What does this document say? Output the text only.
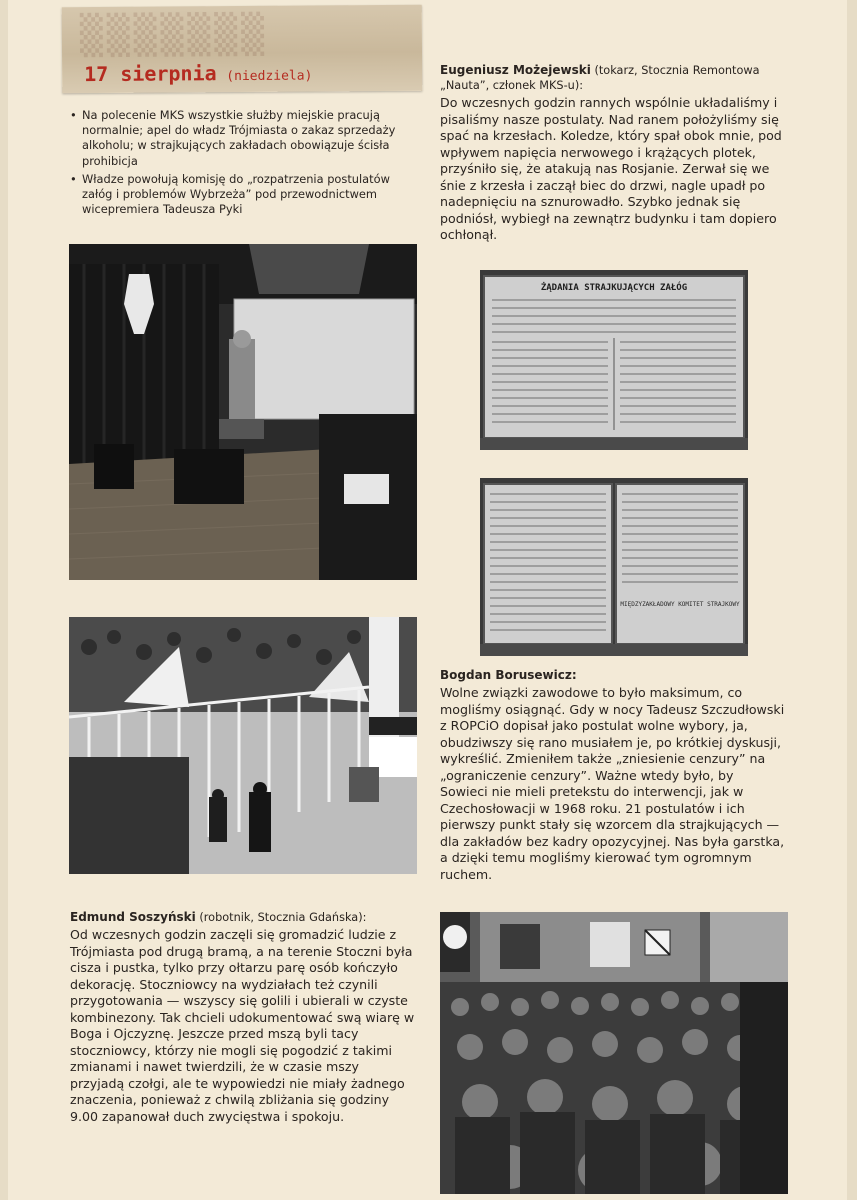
▒▒▒▒▒▒▒
17 sierpnia (niedziela)
• Na polecenie MKS wszystkie służby miejskie pracują normalnie; apel do władz Trójmiasta o zakaz sprzedaży alkoholu; w strajkujących zakładach obowiązuje ścisła prohibicja
• Władze powołują komisję do „rozpatrzenia postulatów załóg i problemów Wybrzeża” pod przewodnictwem wicepremiera Tadeusza Pyki
Eugeniusz Możejewski (tokarz, Stocznia Remontowa „Nauta”, członek MKS-u):
Do wczesnych godzin rannych wspólnie układaliśmy i pisaliśmy nasze postulaty. Nad ranem położyliśmy się spać na krzesłach. Koledze, który spał obok mnie, pod wpływem napięcia nerwowego i krążących plotek, przyśniło się, że atakują nas Rosjanie. Zerwał się we śnie z krzesła i zaczął biec do drzwi, nagle upadł po nadepnięciu na sznurowadło. Szybko jednak się podniósł, wybiegł na zewnątrz budynku i tam dopiero ochłonął.
Bogdan Borusewicz:
Wolne związki zawodowe to było maksimum, co mogliśmy osiągnąć. Gdy w nocy Tadeusz Szczudłowski z ROPCiO dopisał jako postulat wolne wybory, ja, obudziwszy się rano musiałem je, po krótkiej dyskusji, wykreślić. Zmieniłem także „zniesienie cenzury” na „ograniczenie cenzury”. Ważne wtedy było, by Sowieci nie mieli pretekstu do interwencji, jak w Czechosłowacji w 1968 roku. 21 postulatów i ich pierwszy punkt stały się wzorcem dla strajkujących — dla zakładów bez kadry opozycyjnej. Nas była garstka, a dzięki temu mogliśmy kierować tym ogromnym ruchem.
Edmund Soszyński (robotnik, Stocznia Gdańska):
Od wczesnych godzin zaczęli się gromadzić ludzie z Trójmiasta pod drugą bramą, a na terenie Stoczni była cisza i pustka, tylko przy ołtarzu parę osób kończyło dekorację. Stoczniowcy na wydziałach też czynili przygotowania — wszyscy się golili i ubierali w czyste kombinezony. Tak chcieli udokumentować swą wiarę w Boga i Ojczyznę. Jeszcze przed mszą byli tacy stoczniowcy, którzy nie mogli się pogodzić z takimi zmianami i nawet twierdzili, że w czasie mszy przyjadą czołgi, ale te wypowiedzi nie miały żadnego znaczenia, ponieważ z chwilą zbliżania się godziny 9.00 zapanował duch zwycięstwa i spokoju.
ŻĄDANIA STRAJKUJĄCYCH ZAŁÓG
MIĘDZYZAKŁADOWY KOMITET STRAJKOWY
